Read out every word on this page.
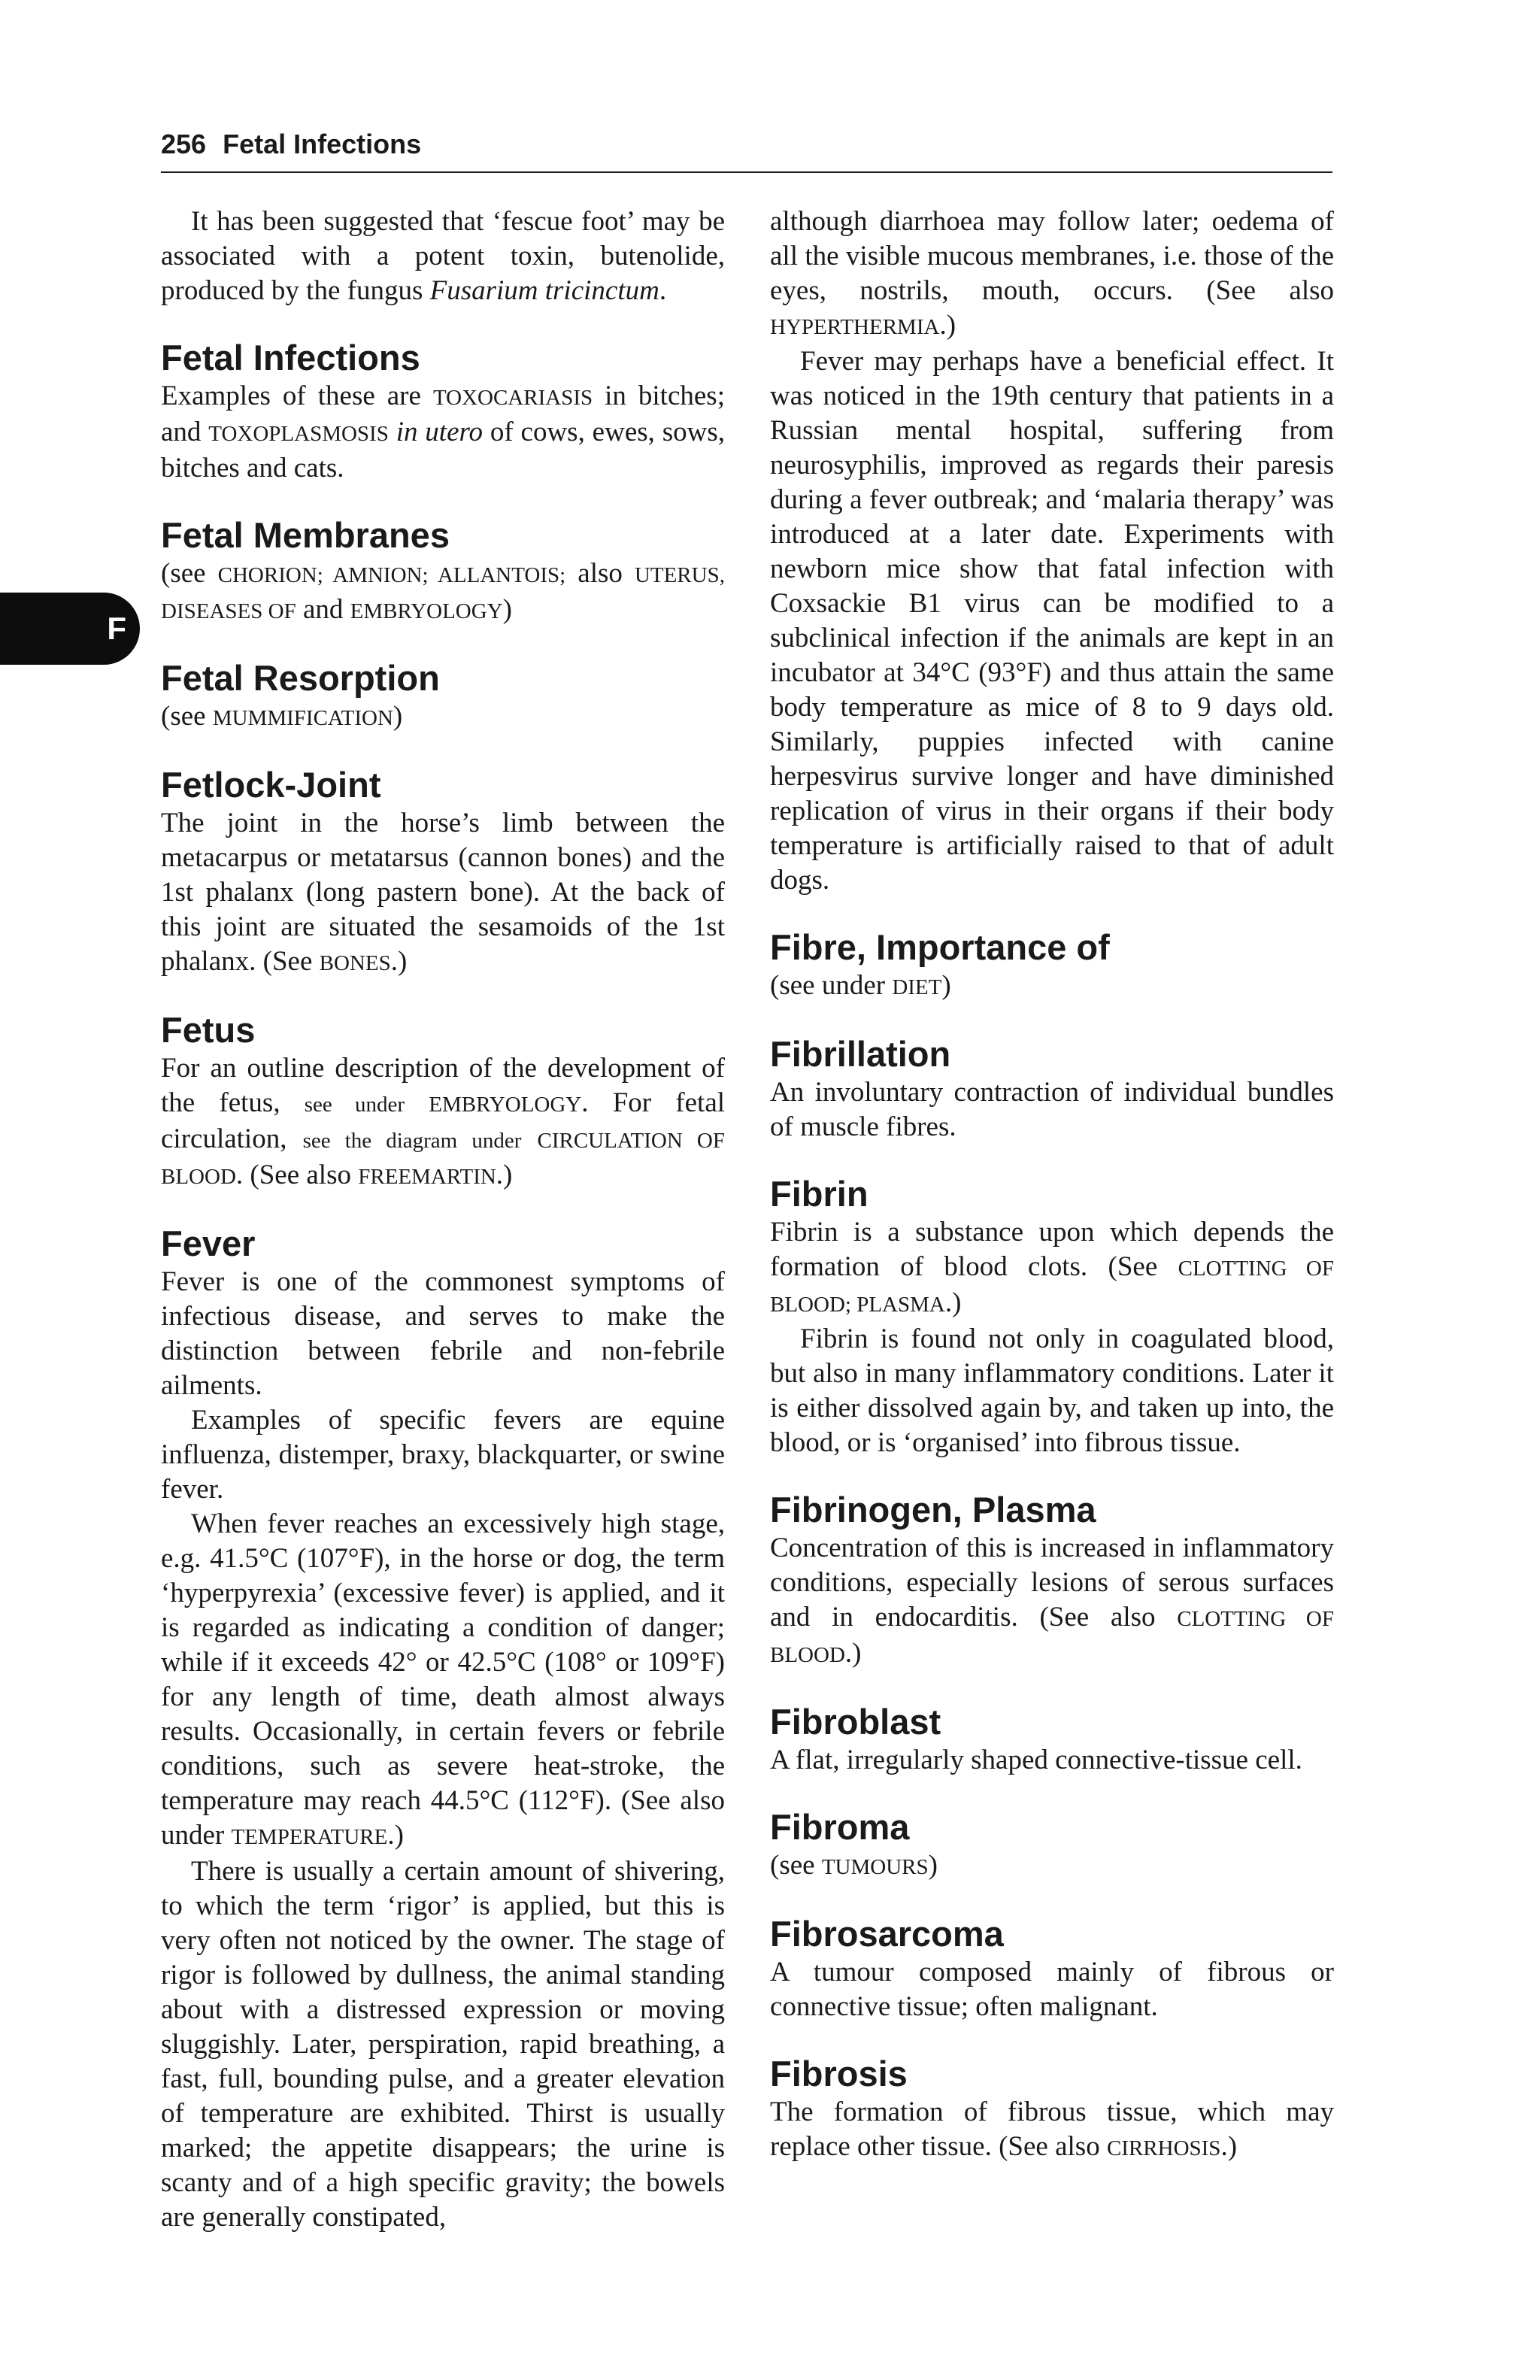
256 Fetal Infections
F

It has been suggested that ‘fescue foot’ may be associated with a potent toxin, butenolide, produced by the fungus Fusarium tricinctum.

Fetal Infections

Examples of these are TOXOCARIASIS in bitches; and TOXOPLASMOSIS in utero of cows, ewes, sows, bitches and cats.

Fetal Membranes

(see CHORION; AMNION; ALLANTOIS; also UTERUS, DISEASES OF and EMBRYOLOGY)

Fetal Resorption

(see MUMMIFICATION)

Fetlock-Joint

The joint in the horse’s limb between the metacarpus or metatarsus (cannon bones) and the 1st phalanx (long pastern bone). At the back of this joint are situated the sesamoids of the 1st phalanx. (See BONES.)

Fetus

For an outline description of the development of the fetus, see under EMBRYOLOGY. For fetal circulation, see the diagram under CIRCULATION OF BLOOD. (See also FREEMARTIN.)

Fever

Fever is one of the commonest symptoms of infectious disease, and serves to make the distinction between febrile and non-febrile ailments.

Examples of specific fevers are equine influenza, distemper, braxy, blackquarter, or swine fever.

When fever reaches an excessively high stage, e.g. 41.5°C (107°F), in the horse or dog, the term ‘hyperpyrexia’ (excessive fever) is applied, and it is regarded as indicating a condition of danger; while if it exceeds 42° or 42.5°C (108° or 109°F) for any length of time, death almost always results. Occasionally, in certain fevers or febrile conditions, such as severe heat-stroke, the temperature may reach 44.5°C (112°F). (See also under TEMPERATURE.)

There is usually a certain amount of shivering, to which the term ‘rigor’ is applied, but this is very often not noticed by the owner. The stage of rigor is followed by dullness, the animal standing about with a distressed expression or moving sluggishly. Later, perspiration, rapid breathing, a fast, full, bounding pulse, and a greater elevation of temperature are exhibited. Thirst is usually marked; the appetite disappears; the urine is scanty and of a high specific gravity; the bowels are generally constipated,

although diarrhoea may follow later; oedema of all the visible mucous membranes, i.e. those of the eyes, nostrils, mouth, occurs. (See also HYPERTHERMIA.)

Fever may perhaps have a beneficial effect. It was noticed in the 19th century that patients in a Russian mental hospital, suffering from neurosyphilis, improved as regards their paresis during a fever outbreak; and ‘malaria therapy’ was introduced at a later date. Experiments with newborn mice show that fatal infection with Coxsackie B1 virus can be modified to a subclinical infection if the animals are kept in an incubator at 34°C (93°F) and thus attain the same body temperature as mice of 8 to 9 days old. Similarly, puppies infected with canine herpesvirus survive longer and have diminished replication of virus in their organs if their body temperature is artificially raised to that of adult dogs.

Fibre, Importance of

(see under DIET)

Fibrillation

An involuntary contraction of individual bundles of muscle fibres.

Fibrin

Fibrin is a substance upon which depends the formation of blood clots. (See CLOTTING OF BLOOD; PLASMA.)

Fibrin is found not only in coagulated blood, but also in many inflammatory conditions. Later it is either dissolved again by, and taken up into, the blood, or is ‘organised’ into fibrous tissue.

Fibrinogen, Plasma

Concentration of this is increased in inflammatory conditions, especially lesions of serous surfaces and in endocarditis. (See also CLOTTING OF BLOOD.)

Fibroblast

A flat, irregularly shaped connective-tissue cell.

Fibroma

(see TUMOURS)

Fibrosarcoma

A tumour composed mainly of fibrous or connective tissue; often malignant.

Fibrosis

The formation of fibrous tissue, which may replace other tissue. (See also CIRRHOSIS.)
